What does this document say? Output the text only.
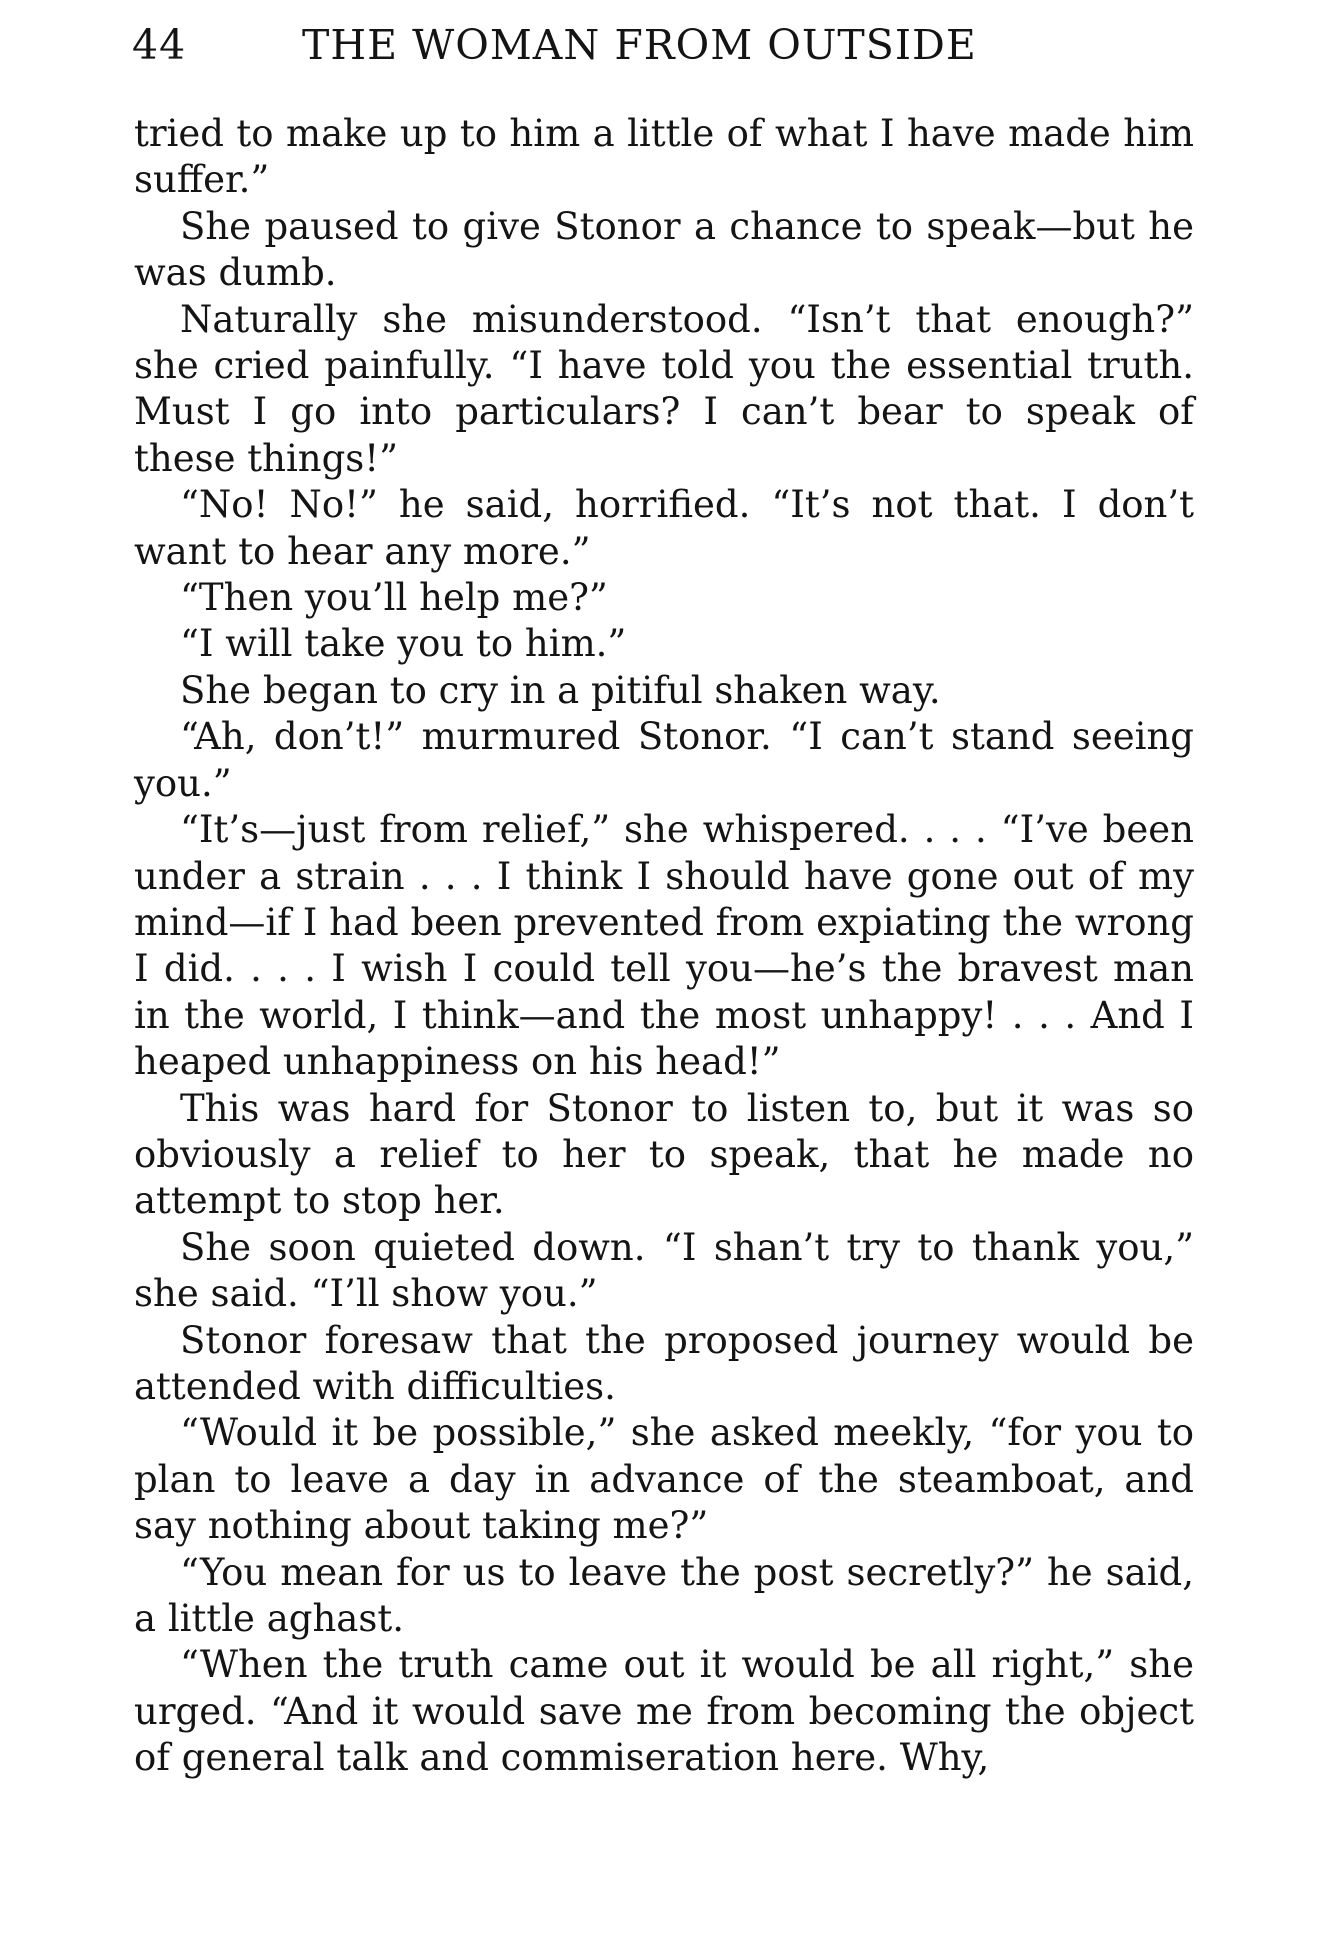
44	THE WOMAN FROM OUTSIDE

tried to make up to him a little of what I have made him suffer.”

She paused to give Stonor a chance to speak—but he was dumb.

Naturally she misunderstood. “Isn’t that enough?” she cried painfully. “I have told you the essential truth. Must I go into particulars? I can’t bear to speak of these things!”

“No! No!” he said, horrified. “It’s not that. I don’t want to hear any more.”

“Then you’ll help me?”

“I will take you to him.”

She began to cry in a pitiful shaken way.

“Ah, don’t!” murmured Stonor. “I can’t stand seeing you.”

“It’s—just from relief,” she whispered. . . . “I’ve been under a strain . . . I think I should have gone out of my mind—if I had been prevented from expiating the wrong I did. . . . I wish I could tell you—he’s the bravest man in the world, I think—and the most unhappy! . . . And I heaped unhappiness on his head!”

This was hard for Stonor to listen to, but it was so obviously a relief to her to speak, that he made no attempt to stop her.

She soon quieted down. “I shan’t try to thank you,” she said. “I’ll show you.”

Stonor foresaw that the proposed journey would be attended with difficulties.

“Would it be possible,” she asked meekly, “for you to plan to leave a day in advance of the steamboat, and say nothing about taking me?”

“You mean for us to leave the post secretly?” he said, a little aghast.

“When the truth came out it would be all right,” she urged. “And it would save me from becoming the object of general talk and commiseration here. Why,
